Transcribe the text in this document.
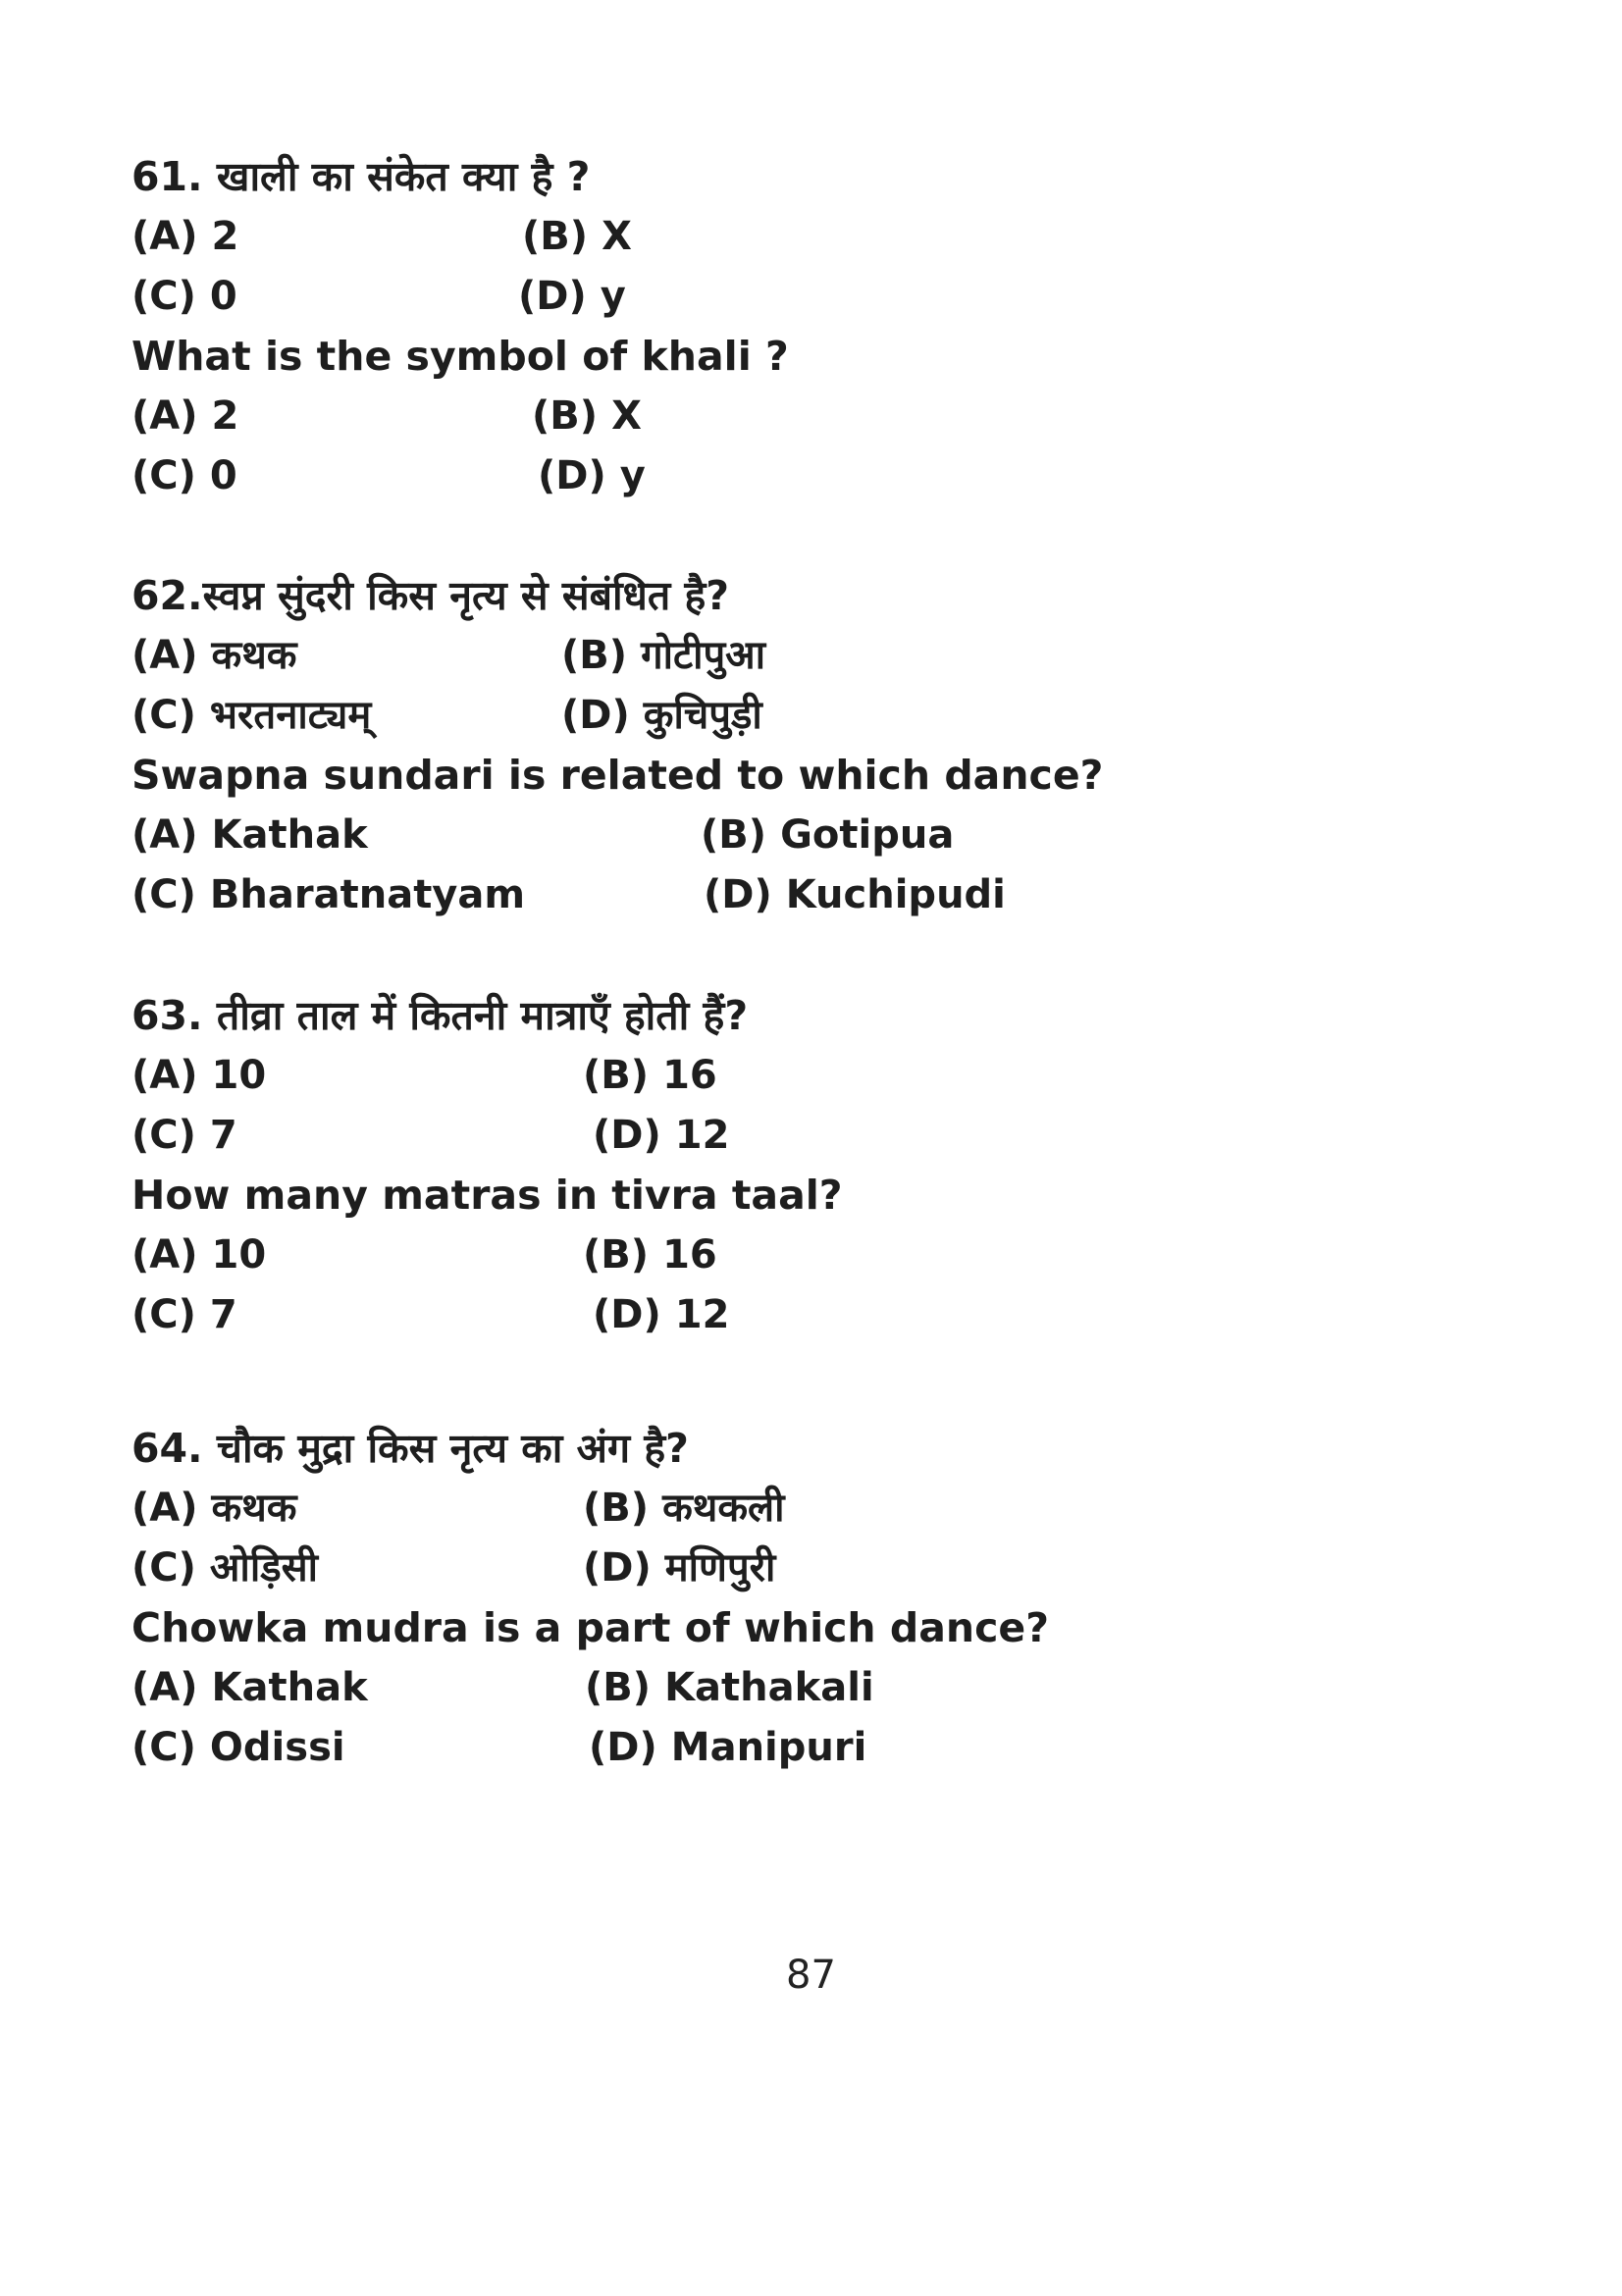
61. खाली का संकेत क्या है ?
(A) 2	(B) X
(C) 0	(D) y
What is the symbol of khali ?
(A) 2	(B) X
(C) 0	(D) y
62.स्वप्न सुंदरी किस नृत्य से संबंधित है?
(A) कथक	(B) गोटीपुआ
(C) भरतनाट्यम्	(D) कुचिपुड़ी
Swapna sundari is related to which dance?
(A) Kathak	(B) Gotipua
(C) Bharatnatyam	(D) Kuchipudi
63. तीव्रा ताल में कितनी मात्राएँ होती हैं?
(A) 10	(B) 16
(C) 7	(D) 12
How many matras in tivra taal?
(A) 10	(B) 16
(C) 7	(D) 12
64. चौक मुद्रा किस नृत्य का अंग है?
(A) कथक	(B) कथकली
(C) ओड़िसी	(D) मणिपुरी
Chowka mudra is a part of which dance?
(A) Kathak	(B) Kathakali
(C) Odissi	(D) Manipuri
87
